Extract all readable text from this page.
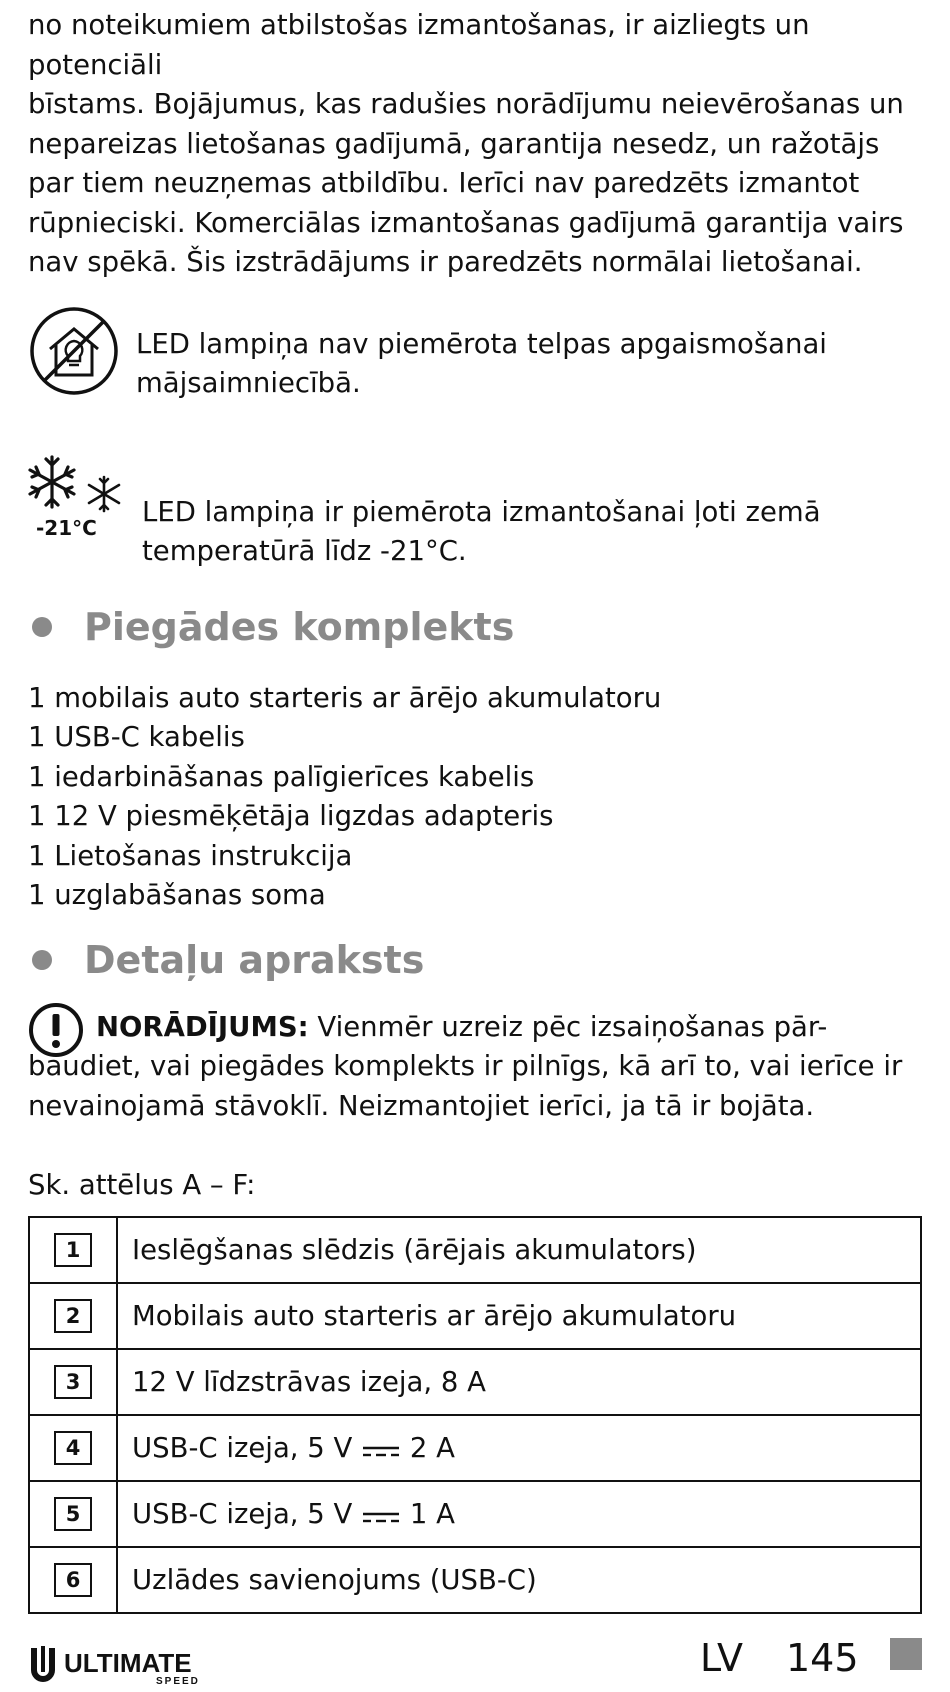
no noteikumiem atbilstošas izmantošanas, ir aizliegts un potenciāli
bīstams. Bojājumus, kas radušies norādījumu neievērošanas un
nepareizas lietošanas gadījumā, garantija nesedz, un ražotājs
par tiem neuzņemas atbildību. Ierīci nav paredzēts izmantot
rūpnieciski. Komerciālas izmantošanas gadījumā garantija vairs
nav spēkā. Šis izstrādājums ir paredzēts normālai lietošanai.
LED lampiņa nav piemērota telpas apgaismošanai
mājsaimniecībā.
-21°C LED lampiņa ir piemērota izmantošanai ļoti zemā
temperatūrā līdz -21°C.
Piegādes komplekts
1 mobilais auto starteris ar ārējo akumulatoru
1 USB-C kabelis
1 iedarbināšanas palīgierīces kabelis
1 12 V piesmēķētāja ligzdas adapteris
1 Lietošanas instrukcija
1 uzglabāšanas soma
Detaļu apraksts
NORĀDĪJUMS: Vienmēr uzreiz pēc izsaiņošanas pār-
baudiet, vai piegādes komplekts ir pilnīgs, kā arī to, vai ierīce ir
nevainojamā stāvoklī. Neizmantojiet ierīci, ja tā ir bojāta.
Sk. attēlus A – F:
1	Ieslēgšanas slēdzis (ārējais akumulators)
2	Mobilais auto starteris ar ārējo akumulatoru
3	12 V līdzstrāvas izeja, 8 A
4	USB-C izeja, 5 V 2 A
5	USB-C izeja, 5 V 1 A
6	Uzlādes savienojums (USB-C)
ULTIMATE
SPEED
LV 145
